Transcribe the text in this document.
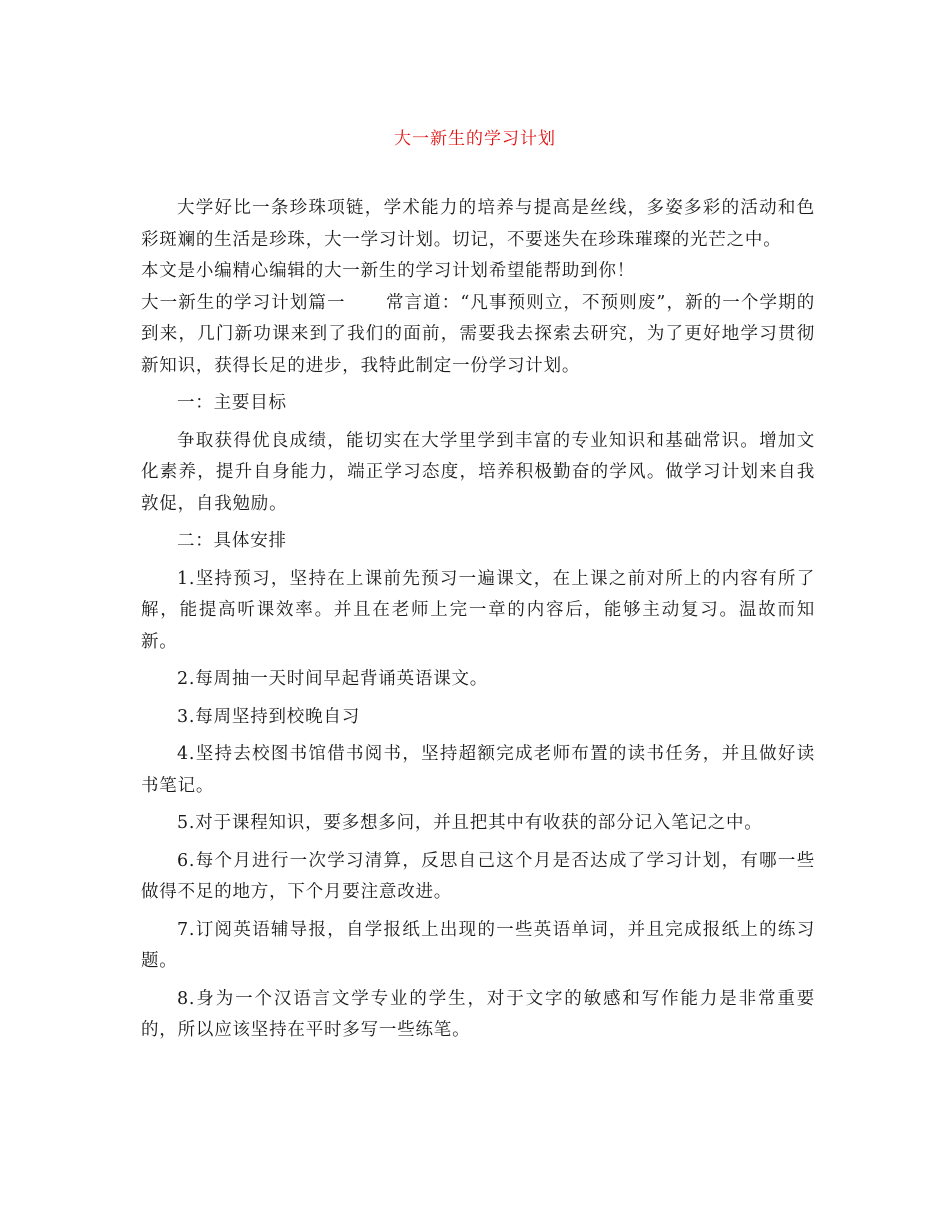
大一新生的学习计划

大学好比一条珍珠项链，学术能力的培养与提高是丝线，多姿多彩的活动和色彩斑斓的生活是珍珠，大一学习计划。切记，不要迷失在珍珠璀璨的光芒之中。

本文是小编精心编辑的大一新生的学习计划希望能帮助到你！

大一新生的学习计划篇一 常言道：“凡事预则立，不预则废”，新的一个学期的到来，几门新功课来到了我们的面前，需要我去探索去研究，为了更好地学习贯彻新知识，获得长足的进步，我特此制定一份学习计划。

一：主要目标

争取获得优良成绩，能切实在大学里学到丰富的专业知识和基础常识。增加文化素养，提升自身能力，端正学习态度，培养积极勤奋的学风。做学习计划来自我敦促，自我勉励。

二：具体安排

1.坚持预习，坚持在上课前先预习一遍课文，在上课之前对所上的内容有所了解，能提高听课效率。并且在老师上完一章的内容后，能够主动复习。温故而知新。

2.每周抽一天时间早起背诵英语课文。

3.每周坚持到校晚自习

4.坚持去校图书馆借书阅书，坚持超额完成老师布置的读书任务，并且做好读书笔记。

5.对于课程知识，要多想多问，并且把其中有收获的部分记入笔记之中。

6.每个月进行一次学习清算，反思自己这个月是否达成了学习计划，有哪一些做得不足的地方，下个月要注意改进。

7.订阅英语辅导报，自学报纸上出现的一些英语单词，并且完成报纸上的练习题。

8.身为一个汉语言文学专业的学生，对于文字的敏感和写作能力是非常重要的，所以应该坚持在平时多写一些练笔。
